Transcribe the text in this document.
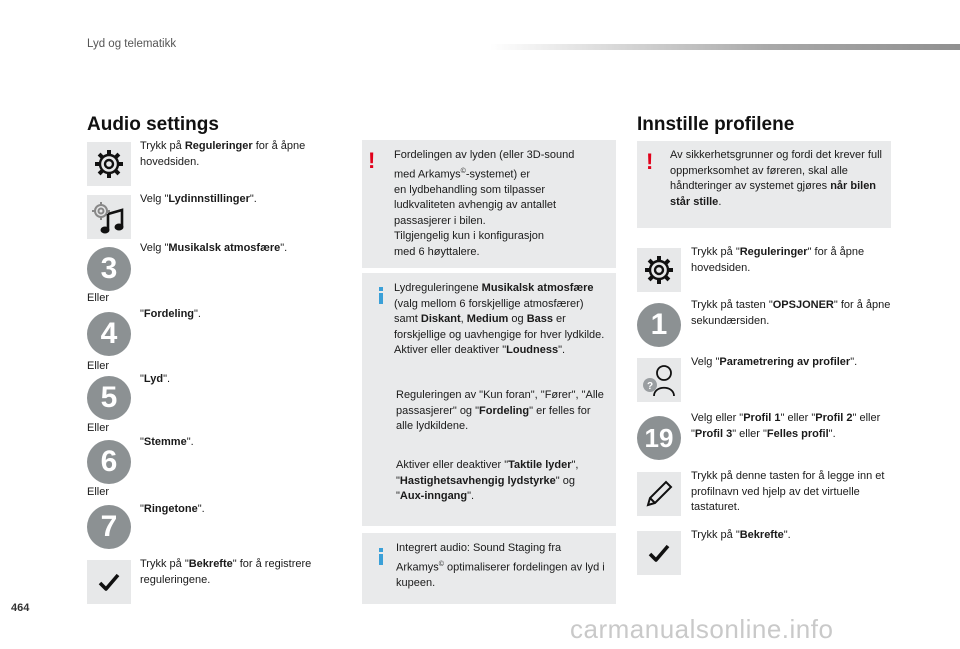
Lyd og telematikk
Audio settings
Trykk på Reguleringer for å åpne hovedsiden.
Velg "Lydinnstillinger".
3
Velg "Musikalsk atmosfære".
Eller
4
"Fordeling".
Eller
5
"Lyd".
Eller
6
"Stemme".
Eller
7
"Ringetone".
Trykk på "Bekrefte" for å registrere reguleringene.
! Fordelingen av lyden (eller 3D-sound
med Arkamys©-systemet) er
en lydbehandling som tilpasser
ludkvaliteten avhengig av antallet
passasjerer i bilen.
Tilgjengelig kun i konfigurasjon
med 6 høyttalere.
Lydreguleringene Musikalsk atmosfære (valg mellom 6 forskjellige atmosfærer) samt Diskant, Medium og Bass er forskjellige og uavhengige for hver lydkilde.
Aktiver eller deaktiver "Loudness".
Reguleringen av "Kun foran", "Fører", "Alle passasjerer" og "Fordeling" er felles for alle lydkildene.
Aktiver eller deaktiver "Taktile lyder", "Hastighetsavhengig lydstyrke" og "Aux-inngang".
Integrert audio: Sound Staging fra Arkamys© optimaliserer fordelingen av lyd i kupeen.
Innstille profilene
! Av sikkerhetsgrunner og fordi det krever full oppmerksomhet av føreren, skal alle håndteringer av systemet gjøres når bilen står stille.
Trykk på "Reguleringer" for å åpne hovedsiden.
1
Trykk på tasten "OPSJONER" for å åpne sekundærsiden.
?
Velg "Parametrering av profiler".
19
Velg eller "Profil 1" eller "Profil 2" eller "Profil 3" eller "Felles profil".
Trykk på denne tasten for å legge inn et profilnavn ved hjelp av det virtuelle tastaturet.
Trykk på "Bekrefte".
464
carmanualsonline.info
